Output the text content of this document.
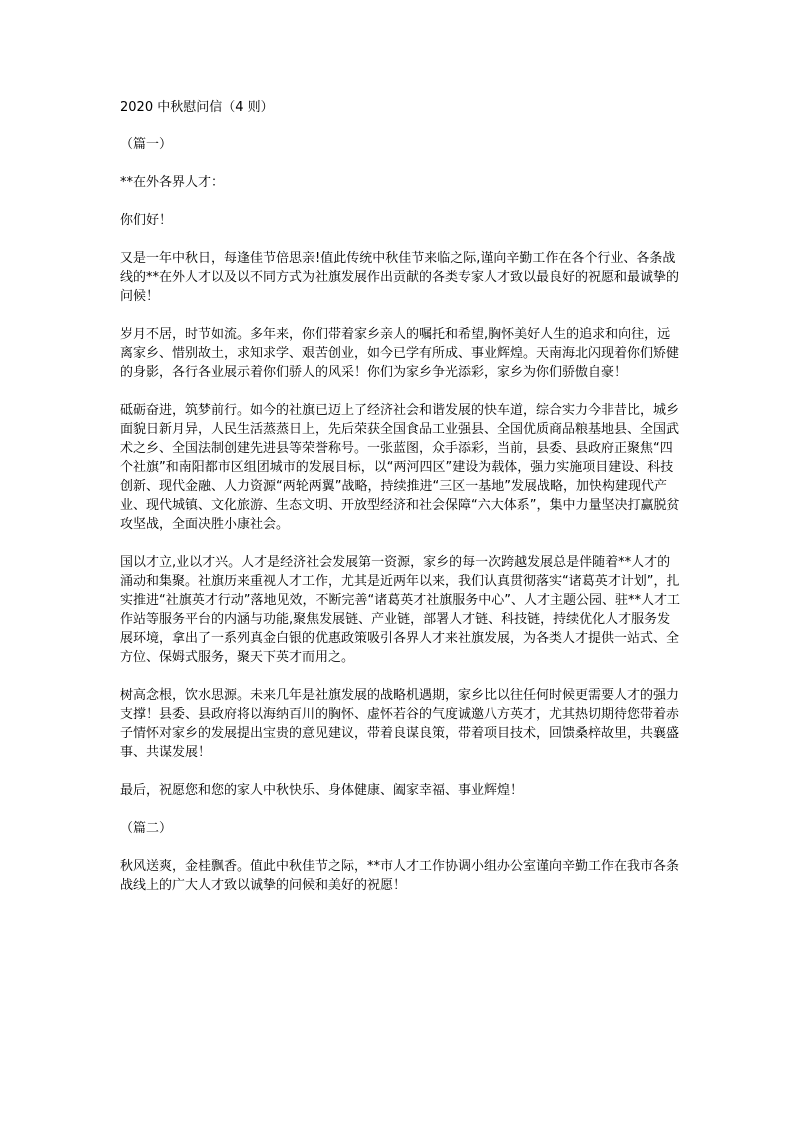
2020 中秋慰问信（4 则）

（篇一）

**在外各界人才：

你们好！

又是一年中秋日，每逢佳节倍思亲!值此传统中秋佳节来临之际,谨向辛勤工作在各个行业、各条战线的**在外人才以及以不同方式为社旗发展作出贡献的各类专家人才致以最良好的祝愿和最诚挚的问候！

岁月不居，时节如流。多年来，你们带着家乡亲人的嘱托和希望,胸怀美好人生的追求和向往，远离家乡、惜别故土，求知求学、艰苦创业，如今已学有所成、事业辉煌。天南海北闪现着你们矫健的身影，各行各业展示着你们骄人的风采！你们为家乡争光添彩，家乡为你们骄傲自豪！

砥砺奋进，筑梦前行。如今的社旗已迈上了经济社会和谐发展的快车道，综合实力今非昔比，城乡面貌日新月异，人民生活蒸蒸日上，先后荣获全国食品工业强县、全国优质商品粮基地县、全国武术之乡、全国法制创建先进县等荣誉称号。一张蓝图，众手添彩，当前，县委、县政府正聚焦“四个社旗”和南阳都市区组团城市的发展目标，以“两河四区”建设为载体，强力实施项目建设、科技创新、现代金融、人力资源“两轮两翼”战略，持续推进“三区一基地”发展战略，加快构建现代产业、现代城镇、文化旅游、生态文明、开放型经济和社会保障“六大体系”，集中力量坚决打赢脱贫攻坚战，全面决胜小康社会。

国以才立,业以才兴。人才是经济社会发展第一资源，家乡的每一次跨越发展总是伴随着**人才的涌动和集聚。社旗历来重视人才工作，尤其是近两年以来，我们认真贯彻落实“诸葛英才计划”，扎实推进“社旗英才行动”落地见效，不断完善“诸葛英才社旗服务中心”、人才主题公园、驻**人才工作站等服务平台的内涵与功能,聚焦发展链、产业链，部署人才链、科技链，持续优化人才服务发展环境，拿出了一系列真金白银的优惠政策吸引各界人才来社旗发展，为各类人才提供一站式、全方位、保姆式服务，聚天下英才而用之。

树高念根，饮水思源。未来几年是社旗发展的战略机遇期，家乡比以往任何时候更需要人才的强力支撑！县委、县政府将以海纳百川的胸怀、虚怀若谷的气度诚邀八方英才，尤其热切期待您带着赤子情怀对家乡的发展提出宝贵的意见建议，带着良谋良策，带着项目技术，回馈桑梓故里，共襄盛事、共谋发展！

最后，祝愿您和您的家人中秋快乐、身体健康、阖家幸福、事业辉煌！

（篇二）

秋风送爽，金桂飘香。值此中秋佳节之际，**市人才工作协调小组办公室谨向辛勤工作在我市各条战线上的广大人才致以诚挚的问候和美好的祝愿！
